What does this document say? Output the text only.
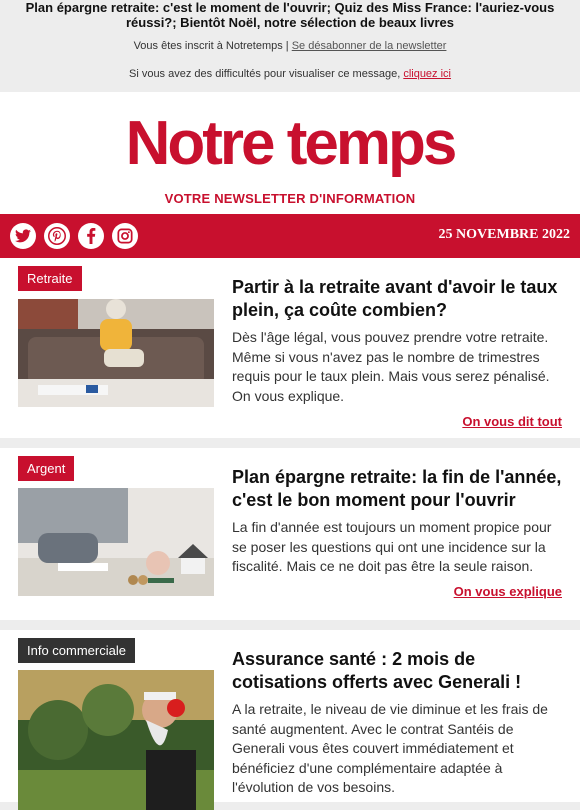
Plan épargne retraite: c'est le moment de l'ouvrir; Quiz des Miss France: l'auriez-vous réussi?; Bientôt Noël, notre sélection de beaux livres

Vous êtes inscrit à Notretemps | Se désabonner de la newsletter
Si vous avez des difficultés pour visualiser ce message, cliquez ici
Notre temps
VOTRE NEWSLETTER D'INFORMATION
25 NOVEMBRE 2022
Retraite	Partir à la retraite avant d'avoir le taux plein, ça coûte combien?
Dès l'âge légal, vous pouvez prendre votre retraite. Même si vous n'avez pas le nombre de trimestres requis pour le taux plein. Mais vous serez pénalisé. On vous explique.
On vous dit tout
Argent	Plan épargne retraite: la fin de l'année, c'est le bon moment pour l'ouvrir
La fin d'année est toujours un moment propice pour se poser les questions qui ont une incidence sur la fiscalité. Mais ce ne doit pas être la seule raison.
On vous explique
Info commerciale	Assurance santé : 2 mois de cotisations offerts avec Generali !
A la retraite, le niveau de vie diminue et les frais de santé augmentent. Avec le contrat Santéis de Generali vous êtes couvert immédiatement et bénéficiez d'une complémentaire adaptée à l'évolution de vos besoins.
